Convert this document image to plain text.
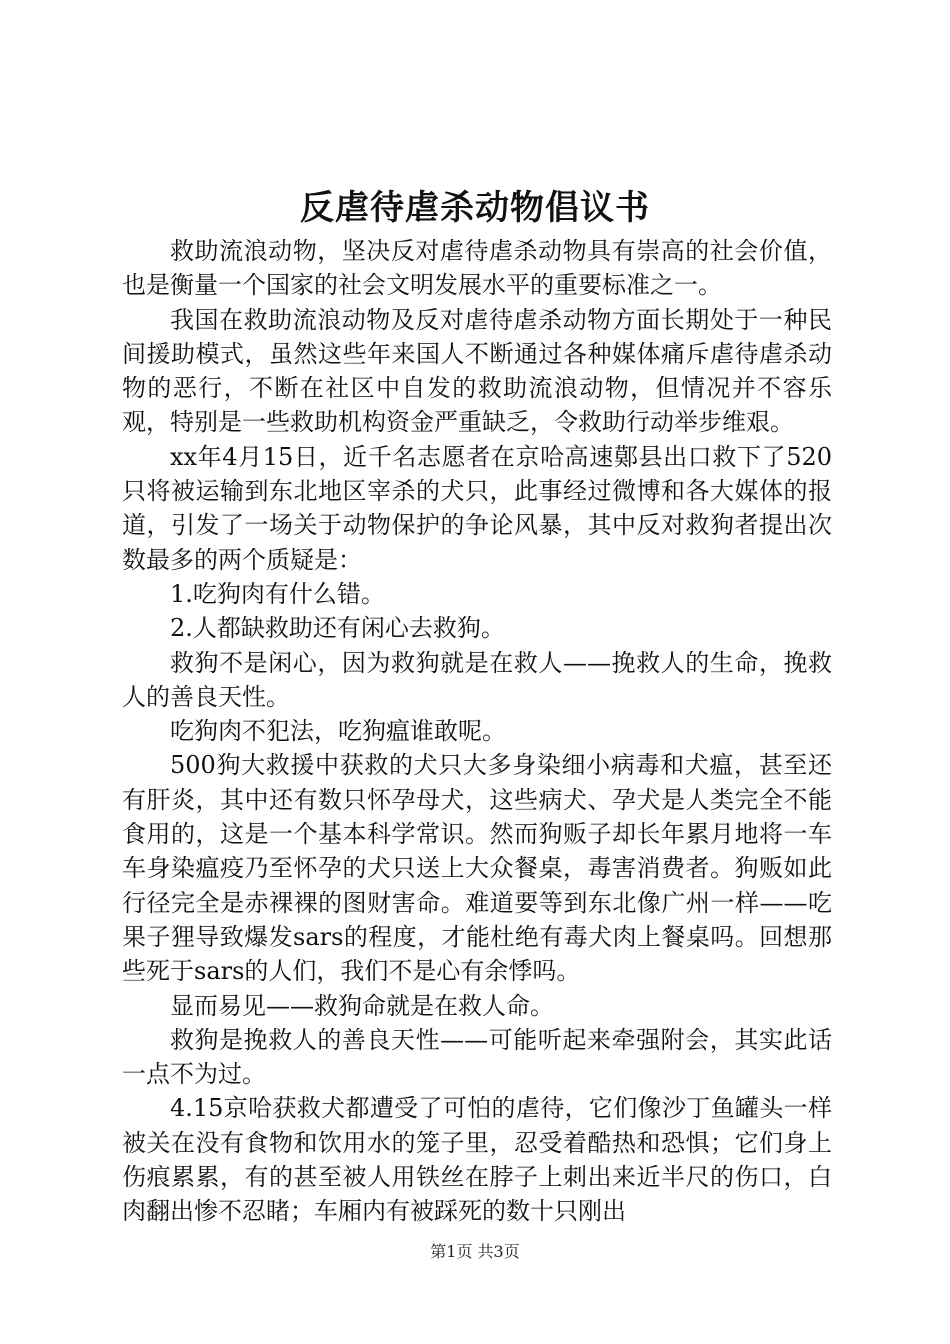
反虐待虐杀动物倡议书

救助流浪动物，坚决反对虐待虐杀动物具有崇高的社会价值，也是衡量一个国家的社会文明发展水平的重要标准之一。

我国在救助流浪动物及反对虐待虐杀动物方面长期处于一种民间援助模式，虽然这些年来国人不断通过各种媒体痛斥虐待虐杀动物的恶行，不断在社区中自发的救助流浪动物，但情况并不容乐观，特别是一些救助机构资金严重缺乏，令救助行动举步维艰。

xx年4月15日，近千名志愿者在京哈高速鄚县出口救下了520只将被运输到东北地区宰杀的犬只，此事经过微博和各大媒体的报道，引发了一场关于动物保护的争论风暴，其中反对救狗者提出次数最多的两个质疑是：

1.吃狗肉有什么错。

2.人都缺救助还有闲心去救狗。

救狗不是闲心，因为救狗就是在救人——挽救人的生命，挽救人的善良天性。

吃狗肉不犯法，吃狗瘟谁敢呢。

500狗大救援中获救的犬只大多身染细小病毒和犬瘟，甚至还有肝炎，其中还有数只怀孕母犬，这些病犬、孕犬是人类完全不能食用的，这是一个基本科学常识。然而狗贩子却长年累月地将一车车身染瘟疫乃至怀孕的犬只送上大众餐桌，毒害消费者。狗贩如此行径完全是赤裸裸的图财害命。难道要等到东北像广州一样——吃果子狸导致爆发sars的程度，才能杜绝有毒犬肉上餐桌吗。回想那些死于sars的人们，我们不是心有余悸吗。

显而易见——救狗命就是在救人命。

救狗是挽救人的善良天性——可能听起来牵强附会，其实此话一点不为过。

4.15京哈获救犬都遭受了可怕的虐待，它们像沙丁鱼罐头一样被关在没有食物和饮用水的笼子里，忍受着酷热和恐惧；它们身上伤痕累累，有的甚至被人用铁丝在脖子上刺出来近半尺的伤口，白肉翻出惨不忍睹；车厢内有被踩死的数十只刚出

第1页 共3页
